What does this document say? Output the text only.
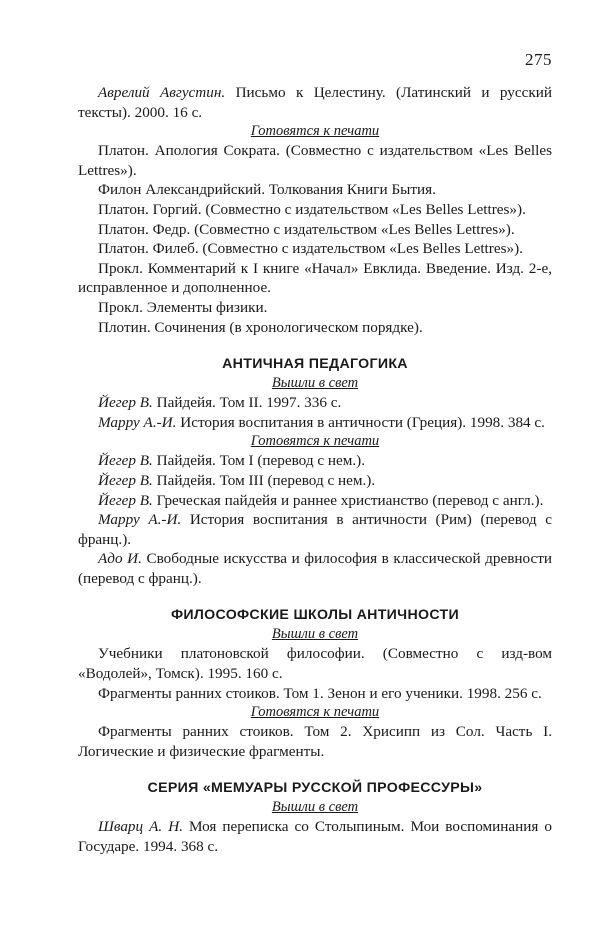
275

Аврелий Августин. Письмо к Целестину. (Латинский и русский тексты). 2000. 16 с.

Готовятся к печати

Платон. Апология Сократа. (Совместно с издательством «Les Belles Lettres»).

Филон Александрийский. Толкования Книги Бытия.

Платон. Горгий. (Совместно с издательством «Les Belles Lettres»).

Платон. Федр. (Совместно с издательством «Les Belles Lettres»).

Платон. Филеб. (Совместно с издательством «Les Belles Lettres»).

Прокл. Комментарий к I книге «Начал» Евклида. Введение. Изд. 2-е, исправленное и дополненное.

Прокл. Элементы физики.

Плотин. Сочинения (в хронологическом порядке).

АНТИЧНАЯ ПЕДАГОГИКА

Вышли в свет

Йегер В. Пайдейя. Том II. 1997. 336 с.

Марру А.-И. История воспитания в античности (Греция). 1998. 384 с.

Готовятся к печати

Йегер В. Пайдейя. Том I (перевод с нем.).

Йегер В. Пайдейя. Том III (перевод с нем.).

Йегер В. Греческая пайдейя и раннее христианство (перевод с англ.).

Марру А.-И. История воспитания в античности (Рим) (перевод с франц.).

Адо И. Свободные искусства и философия в классической древности (перевод с франц.).

ФИЛОСОФСКИЕ ШКОЛЫ АНТИЧНОСТИ

Вышли в свет

Учебники платоновской философии. (Совместно с изд-вом «Водолей», Томск). 1995. 160 с.

Фрагменты ранних стоиков. Том 1. Зенон и его ученики. 1998. 256 с.

Готовятся к печати

Фрагменты ранних стоиков. Том 2. Хрисипп из Сол. Часть I. Логические и физические фрагменты.

СЕРИЯ «МЕМУАРЫ РУССКОЙ ПРОФЕССУРЫ»

Вышли в свет

Шварц А. Н. Моя переписка со Столыпиным. Мои воспоминания о Государе. 1994. 368 с.
